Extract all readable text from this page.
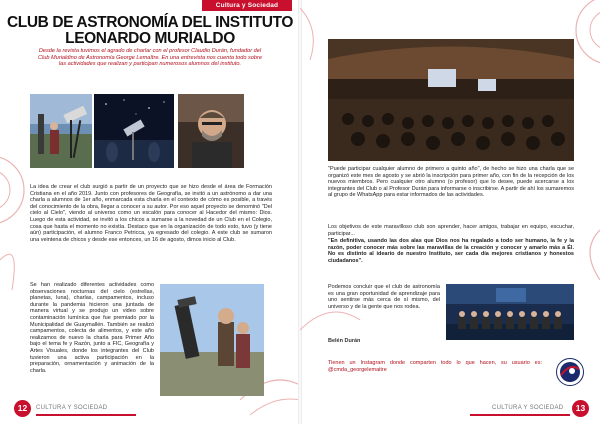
Cultura y Sociedad
CLUB DE ASTRONOMÍA DEL INSTITUTO
LEONARDO MURIALDO
Desde la revista tuvimos el agrado de charlar con el profesor Claudio Durán, fundador del Club Murialdino de Astronomía George Lemaître. En una entrevista nos cuenta todo sobre las actividades que realizan y participan numerosos alumnos del instituto.

La idea de crear el club surgió a partir de un proyecto que se hizo desde el área de Formación Cristiana en el año 2019. Junto con profesores de Geografía, se invitó a un astrónomo a dar una charla a alumnos de 1er año, enmarcada esta charla en el contexto de cómo es posible, a través del conocimiento de la obra, llegar a conocer a su autor. Por eso aquel proyecto se denominó "Del cielo al Cielo", viendo al universo como un escalón para conocer al Hacedor del mismo: Dios. Luego de esta actividad, se invitó a los chicos a sumarse a la novedad de un Club en el Colegio, cosa que hasta el momento no existía. Destaco que en la organización de todo esto, tuvo (y tiene aún) participación, el alumno Franco Petricca, ya egresado del colegio. A este club se sumaron una veintena de chicos y desde ese entonces, un 16 de agosto, dimos inicio al Club.

Se han realizado diferentes actividades como observaciones nocturnas del cielo (estrellas, planetas, luna), charlas, campamentos, incluso durante la pandemia hicieron una juntada de manera virtual y se produjo un video sobre contaminación lumínica que fue premiado por la Municipalidad de Guaymallén. También se realizó campamentos, colecta de alimentos, y este año realizamos de nuevo la charla para Primer Año bajo el tema fe y Razón, junto a FIC, Geografía y Artes Visuales, donde los integrantes del Club tuvieron una activa participación en la preparación, ornamentación y animación de la charla.

12	CULTURA Y SOCIEDAD

"Puede participar cualquier alumno de primero a quinto año", de hecho se hizo una charla que se organizó este mes de agosto y se abrió la inscripción para primer año, con fin de la recepción de los nuevos miembros. Pero cualquier otro alumno (o profesor) que lo desee, puede acercarse a los integrantes del Club o al Profesor Durán para informarse o inscribirse. A partir de ahí los sumaremos al grupo de WhatsApp para estar informados de las actividades.

Los objetivos de este maravilloso club son aprender, hacer amigos, trabajar en equipo, escuchar, participar...

"En definitiva, usando las dos alas que Dios nos ha regalado a todo ser humano, la fe y la razón, poder conocer más sobre las maravillas de la creación y conocer y amarlo más a Él. No es distinto al ideario de nuestro Instituto, ser cada día mejores cristianos y honestos ciudadanos".

Podemos concluir que el club de astronomía es una gran oportunidad de aprendizaje para uno sentirse más cerca de sí mismo, del universo y de la gente que nos rodea.

Belén Durán

Tienen un Instagram donde comparten todo lo que hacen, su usuario es: @cmda_georgelemaitre

CULTURA Y SOCIEDAD	13
